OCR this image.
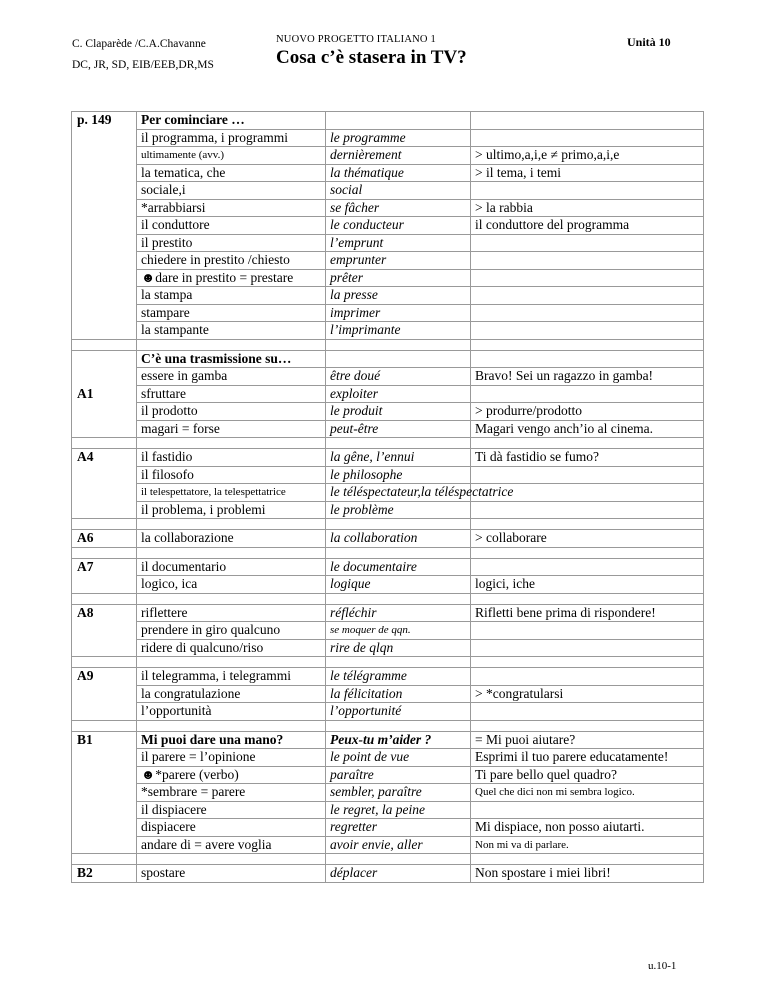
C. Claparède /C.A.Chavanne
DC, JR, SD, EIB/EEB,DR,MS
NUOVO PROGETTO ITALIANO 1
Cosa c’è stasera in TV?
Unità 10
p. 149	Per cominciare …		
	il programma, i programmi	le programme	
	ultimamente (avv.)	dernièrement	> ultimo,a,i,e ≠ primo,a,i,e
	la tematica, che	la thématique	> il tema, i temi
	sociale,i	social	
	*arrabbiarsi	se fâcher	> la rabbia
	il conduttore	le conducteur	il conduttore del programma
	il prestito	l’emprunt	
	chiedere in prestito /chiesto	emprunter	
	☻dare in prestito = prestare	prêter	
	la stampa	la presse	
	stampare	imprimer	
	la stampante	l’imprimante	

A1	C’è una trasmissione su…		
	essere in gamba	être doué	Bravo! Sei un ragazzo in gamba!
	sfruttare	exploiter	
	il prodotto	le produit	> produrre/prodotto
	magari = forse	peut-être	Magari vengo anch’io al cinema.

A4	il fastidio	la gêne, l’ennui	Ti dà fastidio se fumo?
	il filosofo	le philosophe	
	il telespettatore, la telespettatrice	le téléspectateur,la téléspectatrice	
	il problema, i problemi	le problème	

A6	la collaborazione	la collaboration	> collaborare

A7	il documentario	le documentaire	
	logico, ica	logique	logici, iche

A8	riflettere	réfléchir	Rifletti bene prima di rispondere!
	prendere in giro qualcuno	se moquer de qqn.	
	ridere di qualcuno/riso	rire de qlqn	

A9	il telegramma, i telegrammi	le télégramme	
	la congratulazione	la félicitation	> *congratularsi
	l’opportunità	l’opportunité	

B1	Mi puoi dare una mano?	Peux-tu m’aider ?	= Mi puoi aiutare?
	il parere = l’opinione	le point de vue	Esprimi il tuo parere educatamente!
	☻*parere (verbo)	paraître	Ti pare bello quel quadro?
	*sembrare = parere	sembler, paraître	Quel che dici non mi sembra logico.
	il dispiacere	le regret, la peine	
	dispiacere	regretter	Mi dispiace, non posso aiutarti.
	andare di = avere voglia	avoir envie, aller	Non mi va di parlare.

B2	spostare	déplacer	Non spostare i miei libri!
u.10-1
